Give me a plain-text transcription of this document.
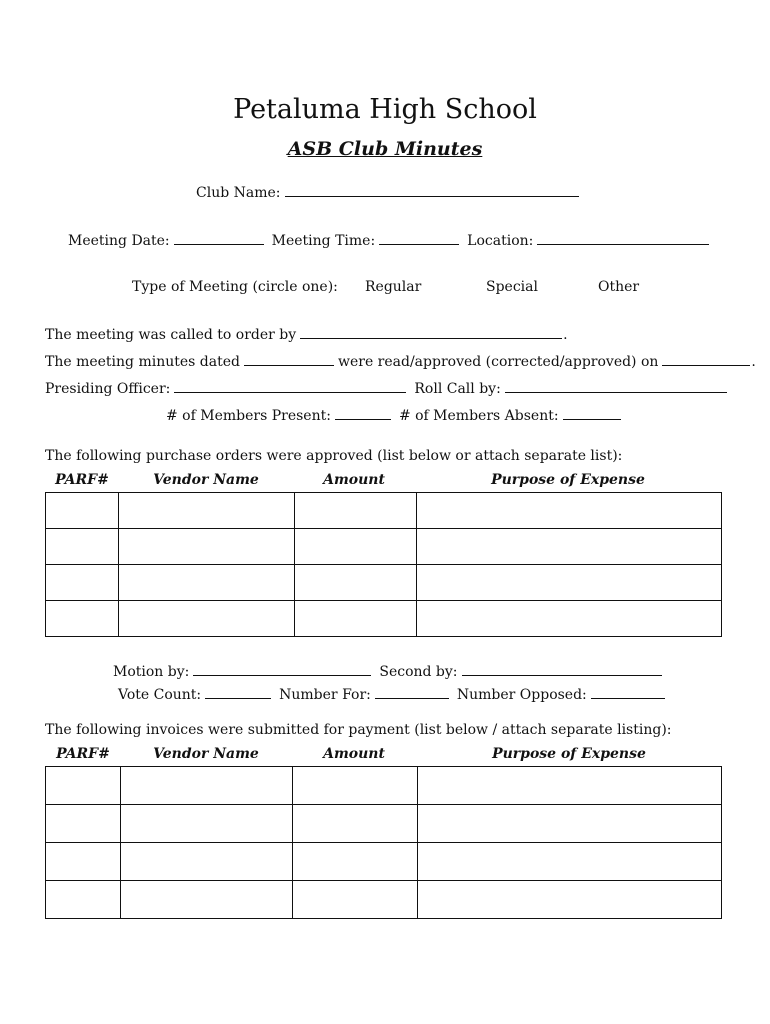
Petaluma High School
ASB Club Minutes
Club Name:
Meeting Date:	Meeting Time:	Location:
Type of Meeting (circle one): Regular	Special	Other
The meeting was called to order by	.
The meeting minutes dated	were read/approved (corrected/approved) on	.
Presiding Officer:	Roll Call by:
# of Members Present:	# of Members Absent:
The following purchase orders were approved (list below or attach separate list):
PARF#	Vendor Name	Amount	Purpose of Expense

Motion by:	Second by:
Vote Count:	Number For:	Number Opposed:
The following invoices were submitted for payment (list below / attach separate listing):
PARF#	Vendor Name	Amount	Purpose of Expense
